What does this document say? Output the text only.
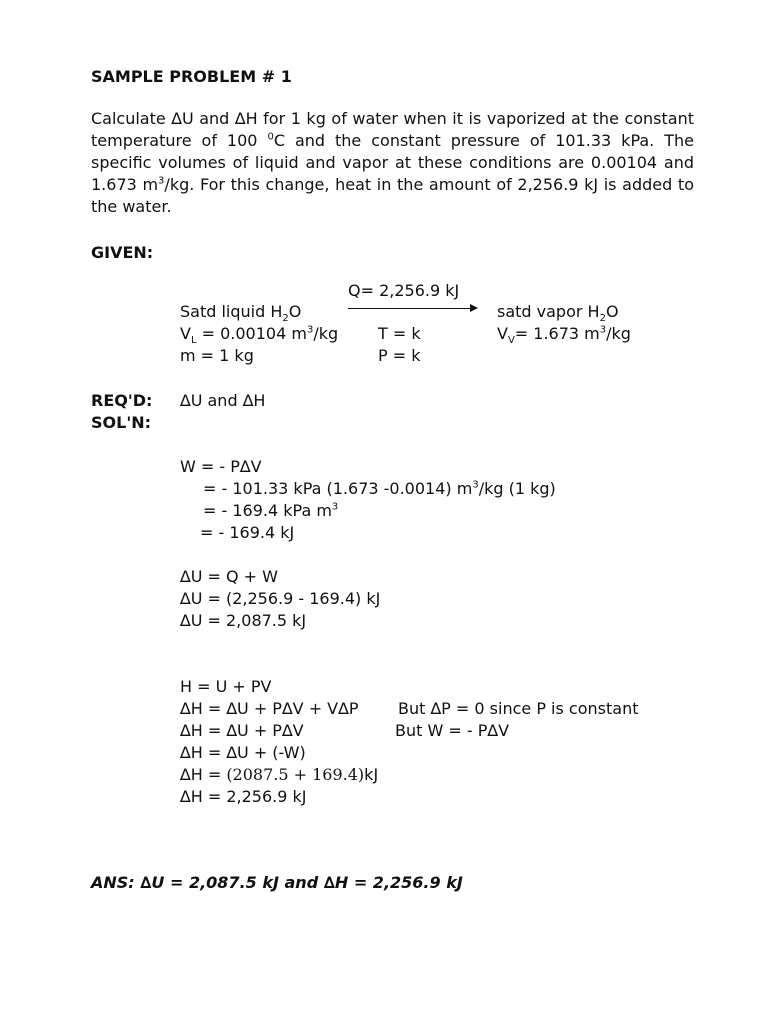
SAMPLE PROBLEM # 1
Calculate ∆U and ∆H for 1 kg of water when it is vaporized at the constant temperature of 100 $^0$C and the constant pressure of 101.33 kPa. The specific volumes of liquid and vapor at these conditions are 0.00104 and 1.673 $m^3/kg$. For this change, heat in the amount of 2,256.9 kJ is added to the water.
GIVEN:
Q= 2,256.9 kJ
Satd liquid $H_2O$	satd vapor $H_2O$
$V_L = 0.00104$ $m^3/kg$ T = k	$V_V= 1.673$ $m^3/kg$
m = 1 kg	P = k
REQ'D: ∆U and ∆H
SOL'N:
W = - P∆V
= - 101.33 kPa (1.673 -0.0014) $m^3/kg$ (1 kg)
= - 169.4 kPa $m^3$
= - 169.4 kJ
∆U = Q + W
∆U = (2,256.9 - 169.4) kJ
∆U = 2,087.5 kJ
H = U + PV
∆H = ∆U + P∆V + V∆P But ∆P = 0 since P is constant
∆H = ∆U + P∆V	But W = - P∆V
∆H = ∆U + (-W)
∆H = (2087.5 + 169.4)kJ
∆H = 2,256.9 kJ
ANS: ∆U = 2,087.5 kJ and ∆H = 2,256.9 kJ
